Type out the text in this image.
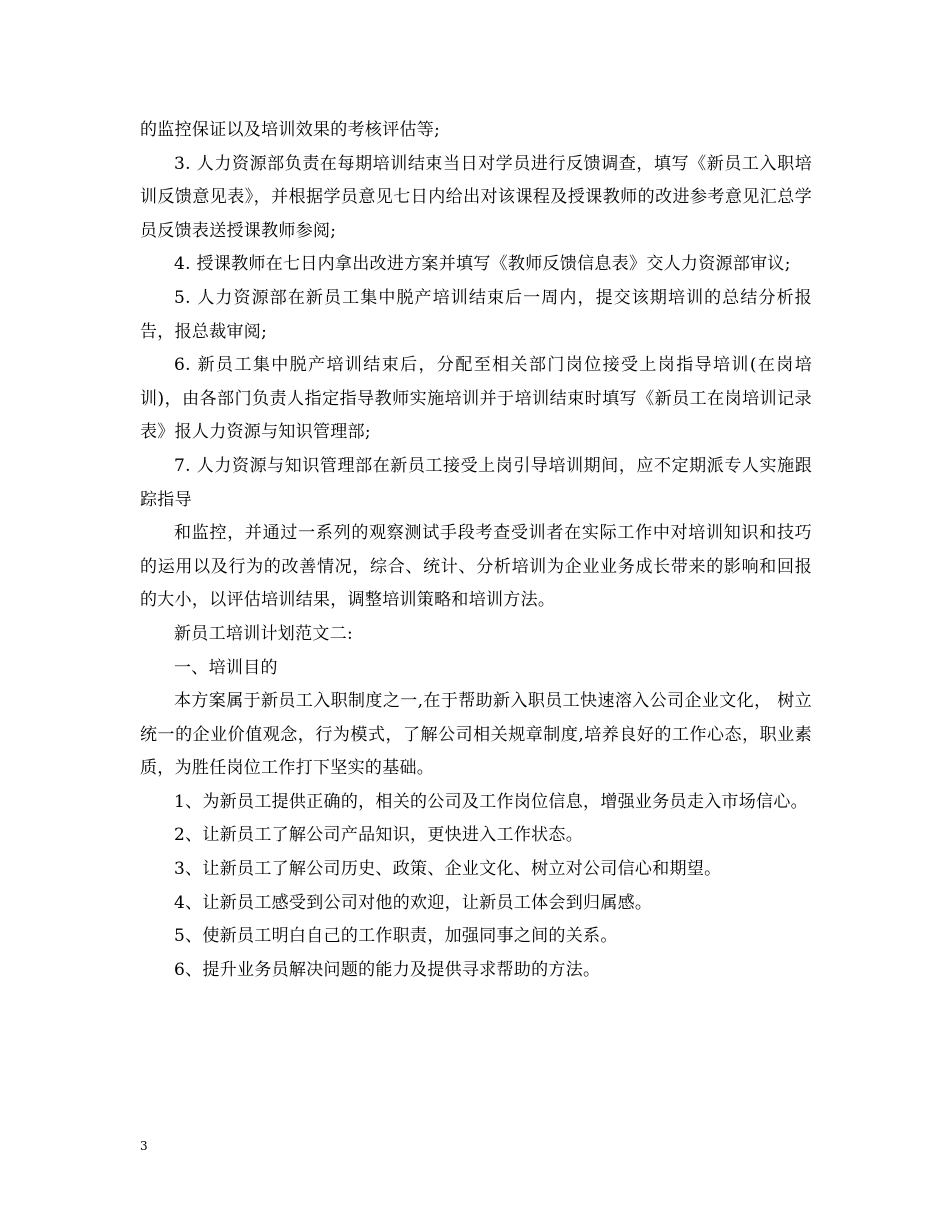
的监控保证以及培训效果的考核评估等;

3. 人力资源部负责在每期培训结束当日对学员进行反馈调查，填写《新员工入职培训反馈意见表》，并根据学员意见七日内给出对该课程及授课教师的改进参考意见汇总学员反馈表送授课教师参阅;

4. 授课教师在七日内拿出改进方案并填写《教师反馈信息表》交人力资源部审议;

5. 人力资源部在新员工集中脱产培训结束后一周内，提交该期培训的总结分析报告，报总裁审阅;

6. 新员工集中脱产培训结束后，分配至相关部门岗位接受上岗指导培训(在岗培训)，由各部门负责人指定指导教师实施培训并于培训结束时填写《新员工在岗培训记录表》报人力资源与知识管理部;

7. 人力资源与知识管理部在新员工接受上岗引导培训期间，应不定期派专人实施跟踪指导

和监控，并通过一系列的观察测试手段考查受训者在实际工作中对培训知识和技巧的运用以及行为的改善情况，综合、统计、分析培训为企业业务成长带来的影响和回报的大小，以评估培训结果，调整培训策略和培训方法。

新员工培训计划范文二:

一、培训目的

本方案属于新员工入职制度之一,在于帮助新入职员工快速溶入公司企业文化， 树立统一的企业价值观念，行为模式，了解公司相关规章制度,培养良好的工作心态，职业素质，为胜任岗位工作打下坚实的基础。

1、为新员工提供正确的，相关的公司及工作岗位信息，增强业务员走入市场信心。

2、让新员工了解公司产品知识，更快进入工作状态。

3、让新员工了解公司历史、政策、企业文化、树立对公司信心和期望。

4、让新员工感受到公司对他的欢迎，让新员工体会到归属感。

5、使新员工明白自己的工作职责，加强同事之间的关系。

6、提升业务员解决问题的能力及提供寻求帮助的方法。

3
